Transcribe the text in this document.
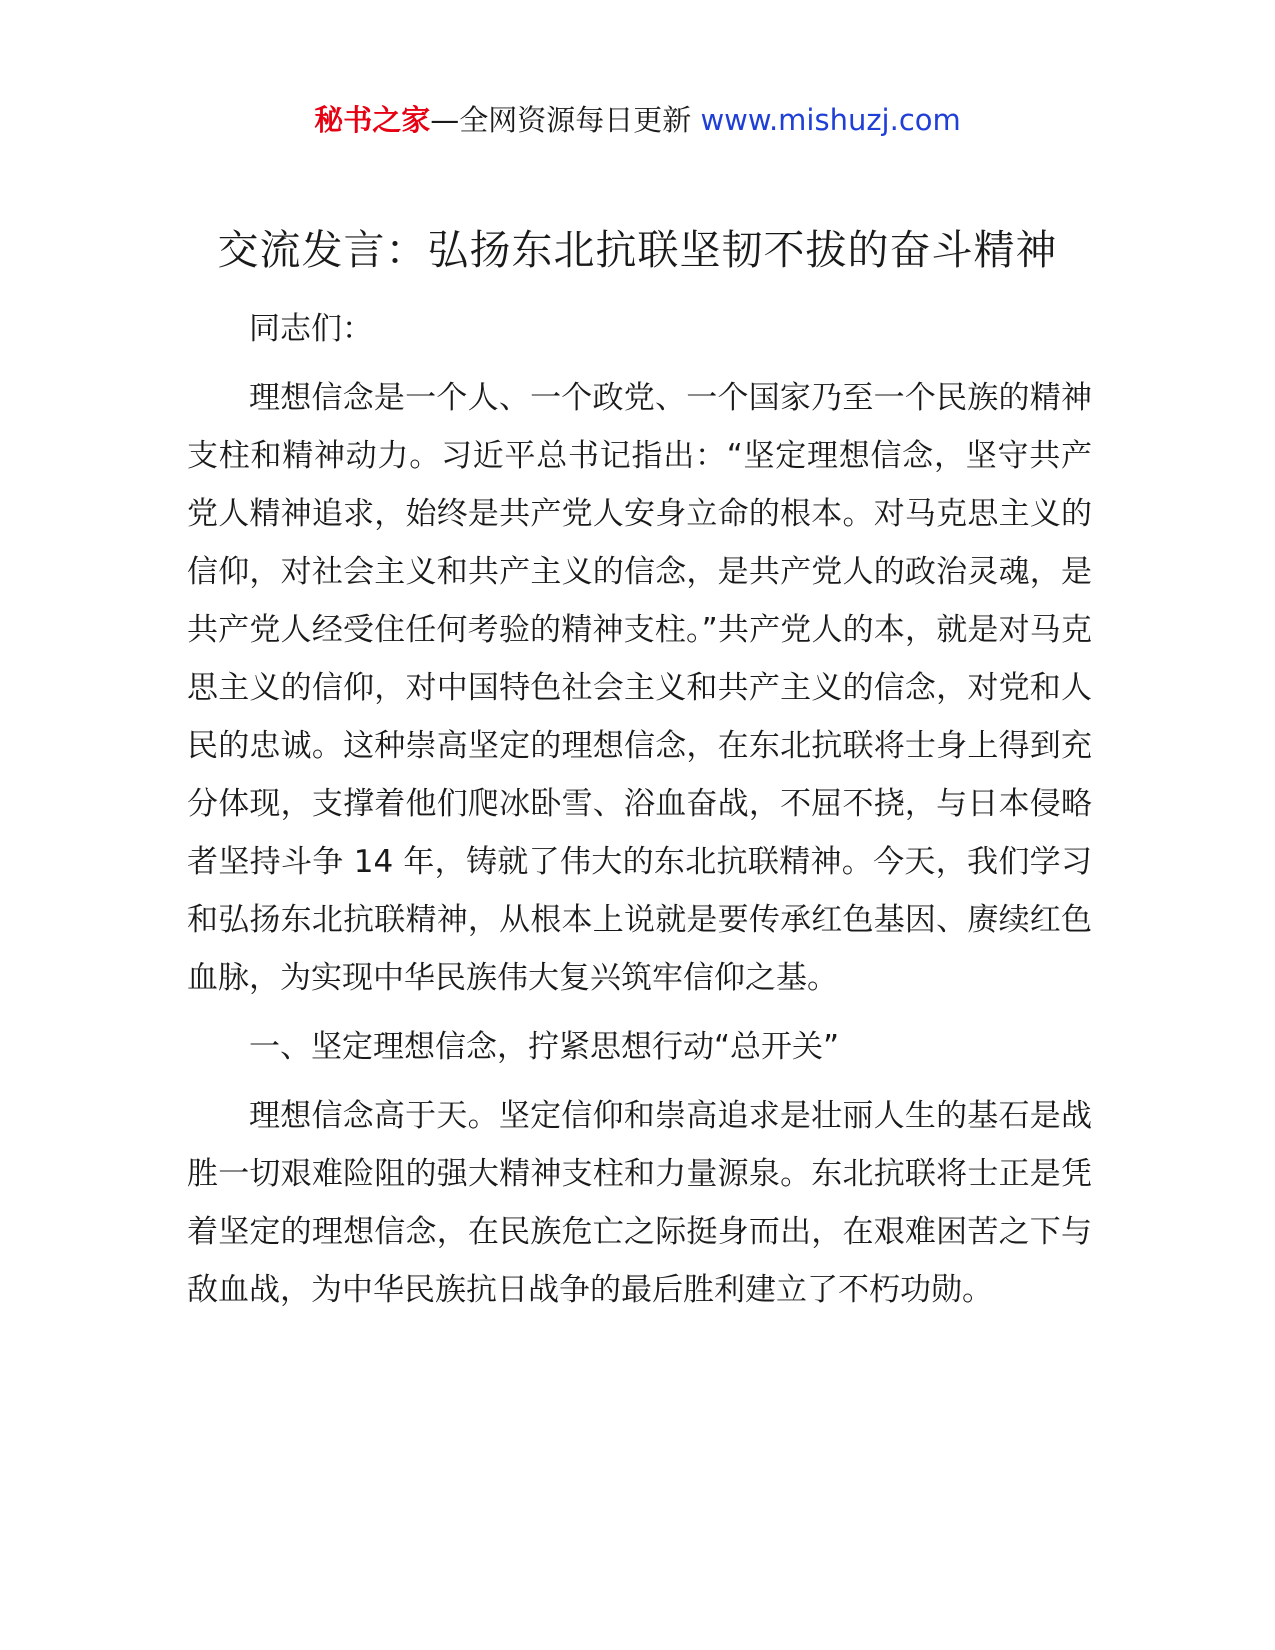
秘书之家—全网资源每日更新 www.mishuzj.com
交流发言：弘扬东北抗联坚韧不拔的奋斗精神

同志们：

理想信念是一个人、一个政党、一个国家乃至一个民族的精神支柱和精神动力。习近平总书记指出：“坚定理想信念，坚守共产党人精神追求，始终是共产党人安身立命的根本。对马克思主义的信仰，对社会主义和共产主义的信念，是共产党人的政治灵魂，是共产党人经受住任何考验的精神支柱。”共产党人的本，就是对马克思主义的信仰，对中国特色社会主义和共产主义的信念，对党和人民的忠诚。这种崇高坚定的理想信念，在东北抗联将士身上得到充分体现，支撑着他们爬冰卧雪、浴血奋战，不屈不挠，与日本侵略者坚持斗争 14 年，铸就了伟大的东北抗联精神。今天，我们学习和弘扬东北抗联精神，从根本上说就是要传承红色基因、赓续红色血脉，为实现中华民族伟大复兴筑牢信仰之基。

一、坚定理想信念，拧紧思想行动“总开关”

理想信念高于天。坚定信仰和崇高追求是壮丽人生的基石是战胜一切艰难险阻的强大精神支柱和力量源泉。东北抗联将士正是凭着坚定的理想信念，在民族危亡之际挺身而出，在艰难困苦之下与敌血战，为中华民族抗日战争的最后胜利建立了不朽功勋。
